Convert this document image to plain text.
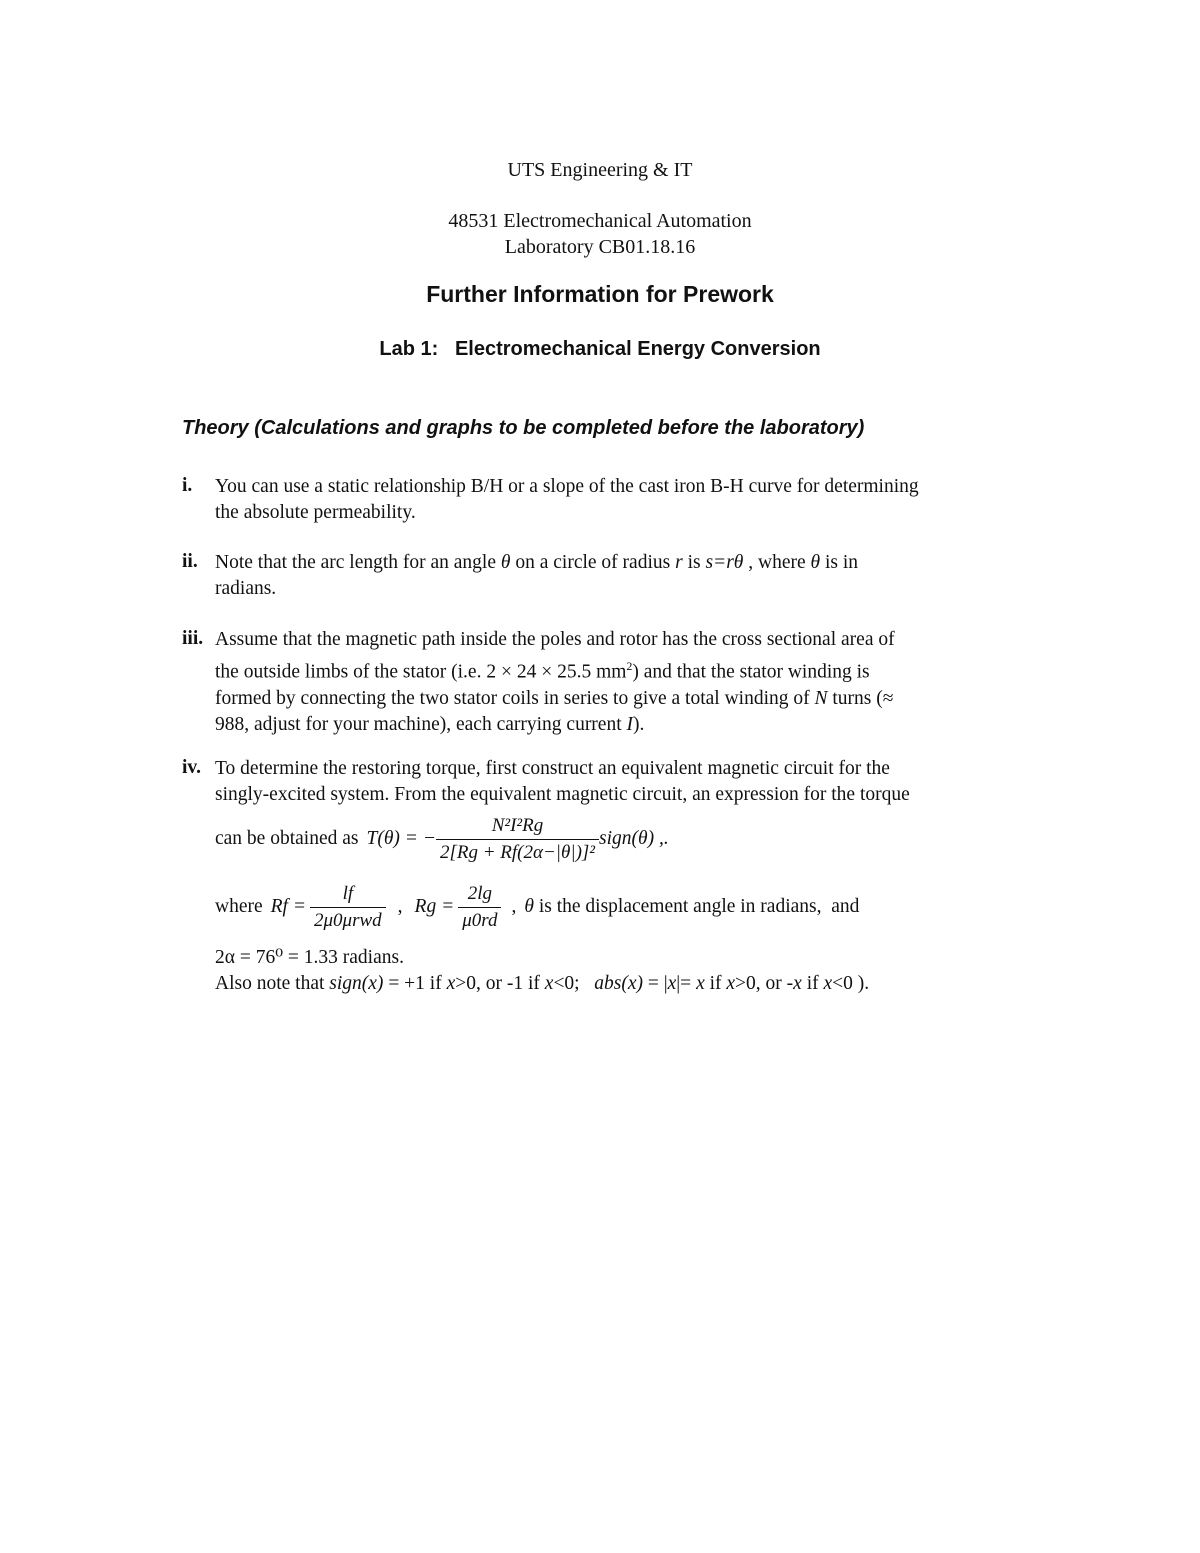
UTS Engineering & IT
48531 Electromechanical Automation
Laboratory CB01.18.16
Further Information for Prework
Lab 1:   Electromechanical Energy Conversion
Theory (Calculations and graphs to be completed before the laboratory)
i. You can use a static relationship B/H or a slope of the cast iron B-H curve for determining
the absolute permeability.
ii. Note that the arc length for an angle θ on a circle of radius r is s=rθ , where θ is in
radians.
iii. Assume that the magnetic path inside the poles and rotor has the cross sectional area of
the outside limbs of the stator (i.e. 2 × 24 × 25.5 $mm^2$) and that the stator winding is
formed by connecting the two stator coils in series to give a total winding of N turns (≈
988, adjust for your machine), each carrying current I).
iv. To determine the restoring torque, first construct an equivalent magnetic circuit for the
singly-excited system. From the equivalent magnetic circuit, an expression for the torque
can be obtained as T(θ) = − $\frac{\text{N²I²Rg}}{\text{2[Rg + Rf(2α−|θ|)]²}}$ sign(θ) ,.
where $Rf = \frac{lf}{\text{2μ0μrwd}}$ , $Rg = \frac{2\lg}{\mu 0rd}$ , θ is the displacement angle in radians,  and
2α = 76⁰ = 1.33 radians.
Also note that sign(x) = +1 if x>0, or -1 if x<0;   abs(x) = |x|= x if x>0, or -x if x<0 ).
